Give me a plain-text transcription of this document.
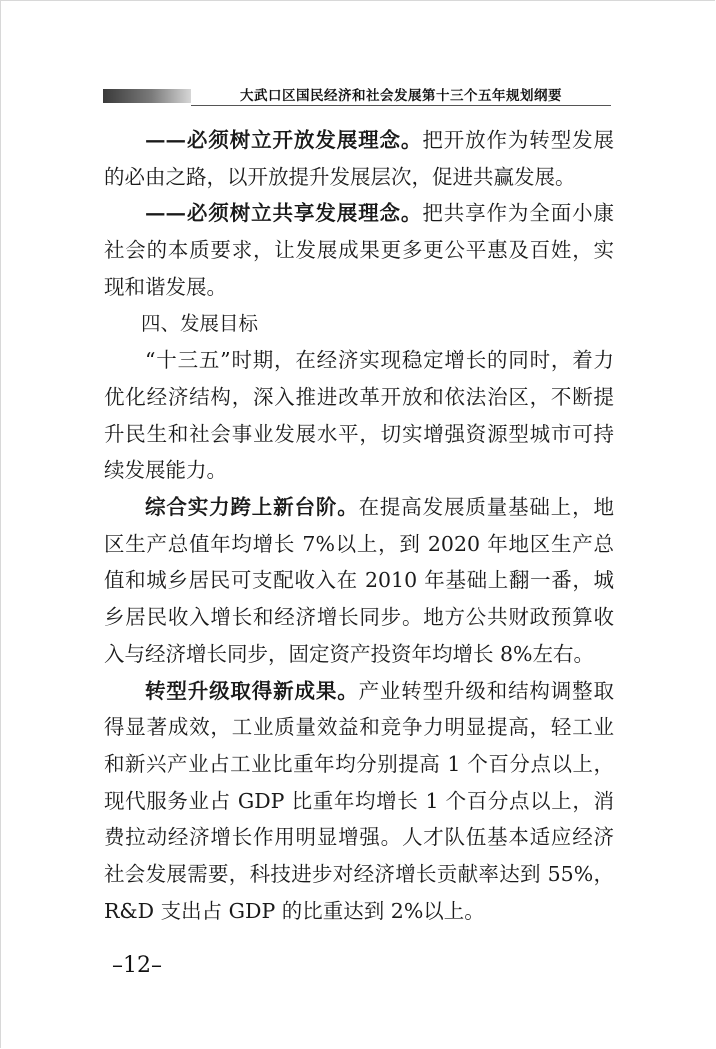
大武口区国民经济和社会发展第十三个五年规划纲要

——必须树立开放发展理念。把开放作为转型发展的必由之路，以开放提升发展层次，促进共赢发展。

——必须树立共享发展理念。把共享作为全面小康社会的本质要求，让发展成果更多更公平惠及百姓，实现和谐发展。

四、发展目标

“十三五”时期，在经济实现稳定增长的同时，着力优化经济结构，深入推进改革开放和依法治区，不断提升民生和社会事业发展水平，切实增强资源型城市可持续发展能力。

综合实力跨上新台阶。在提高发展质量基础上，地区生产总值年均增长 7%以上，到 2020 年地区生产总值和城乡居民可支配收入在 2010 年基础上翻一番，城乡居民收入增长和经济增长同步。地方公共财政预算收入与经济增长同步，固定资产投资年均增长 8%左右。

转型升级取得新成果。产业转型升级和结构调整取得显著成效，工业质量效益和竞争力明显提高，轻工业和新兴产业占工业比重年均分别提高 1 个百分点以上，现代服务业占 GDP 比重年均增长 1 个百分点以上，消费拉动经济增长作用明显增强。人才队伍基本适应经济社会发展需要，科技进步对经济增长贡献率达到 55%，R&D 支出占 GDP 的比重达到 2%以上。

–12–
